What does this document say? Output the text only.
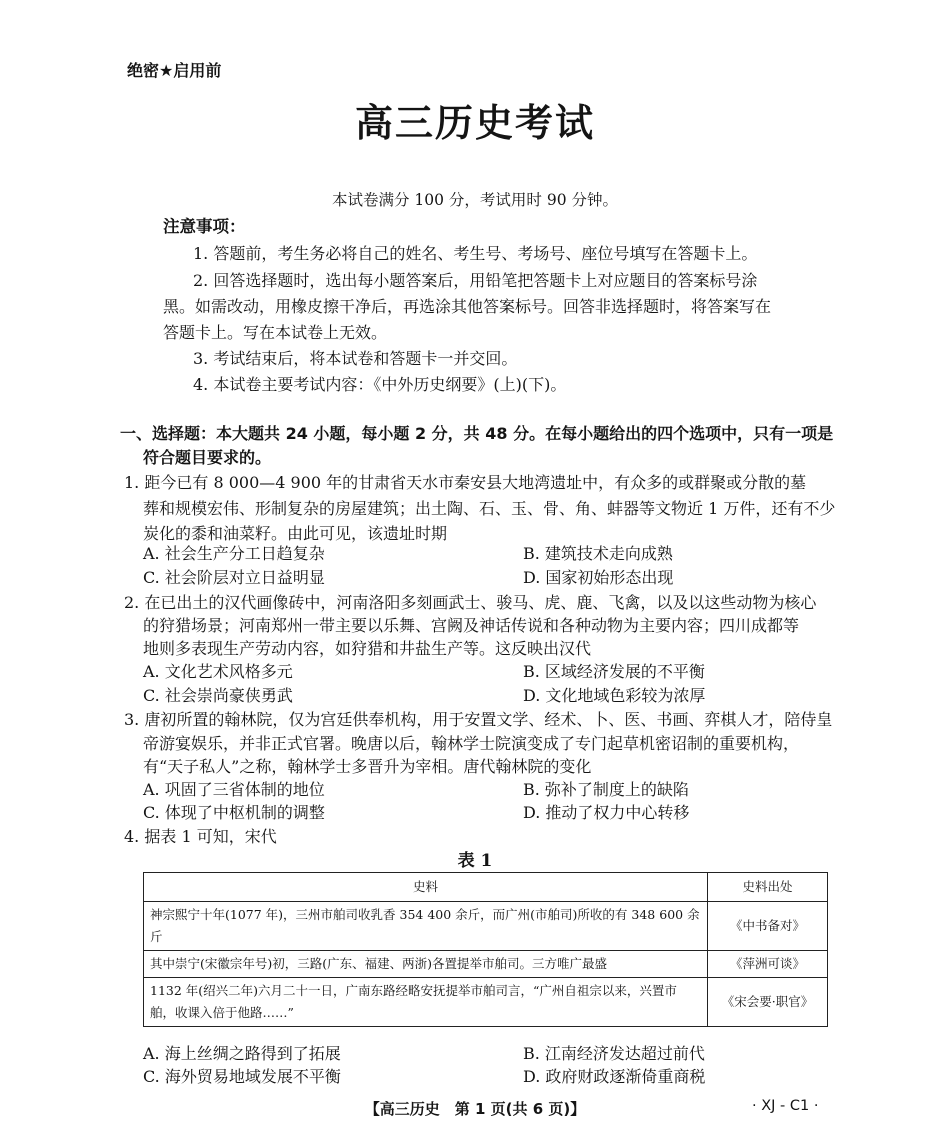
绝密★启用前
高三历史考试
本试卷满分 100 分，考试用时 90 分钟。
注意事项：
1. 答题前，考生务必将自己的姓名、考生号、考场号、座位号填写在答题卡上。
2. 回答选择题时，选出每小题答案后，用铅笔把答题卡上对应题目的答案标号涂
黑。如需改动，用橡皮擦干净后，再选涂其他答案标号。回答非选择题时，将答案写在
答题卡上。写在本试卷上无效。
3. 考试结束后，将本试卷和答题卡一并交回。
4. 本试卷主要考试内容：《中外历史纲要》(上)(下)。
一、选择题：本大题共 24 小题，每小题 2 分，共 48 分。在每小题给出的四个选项中，只有一项是
符合题目要求的。
1. 距今已有 8 000—4 900 年的甘肃省天水市秦安县大地湾遗址中，有众多的或群聚或分散的墓
葬和规模宏伟、形制复杂的房屋建筑；出土陶、石、玉、骨、角、蚌器等文物近 1 万件，还有不少
炭化的黍和油菜籽。由此可见，该遗址时期
A. 社会生产分工日趋复杂	B. 建筑技术走向成熟
C. 社会阶层对立日益明显	D. 国家初始形态出现
2. 在已出土的汉代画像砖中，河南洛阳多刻画武士、骏马、虎、鹿、飞禽，以及以这些动物为核心
的狩猎场景；河南郑州一带主要以乐舞、宫阙及神话传说和各种动物为主要内容；四川成都等
地则多表现生产劳动内容，如狩猎和井盐生产等。这反映出汉代
A. 文化艺术风格多元	B. 区域经济发展的不平衡
C. 社会崇尚豪侠勇武	D. 文化地域色彩较为浓厚
3. 唐初所置的翰林院，仅为宫廷供奉机构，用于安置文学、经术、卜、医、书画、弈棋人才，陪侍皇
帝游宴娱乐，并非正式官署。晚唐以后，翰林学士院演变成了专门起草机密诏制的重要机构，
有“天子私人”之称，翰林学士多晋升为宰相。唐代翰林院的变化
A. 巩固了三省体制的地位	B. 弥补了制度上的缺陷
C. 体现了中枢机制的调整	D. 推动了权力中心转移
4. 据表 1 可知，宋代
表 1
史料	史料出处
神宗熙宁十年(1077 年)，三州市舶司收乳香 354 400 余斤，而广州(市舶司)所收的有 348 600 余斤	《中书备对》
其中崇宁(宋徽宗年号)初，三路(广东、福建、两浙)各置提举市舶司。三方唯广最盛	《萍洲可谈》
1132 年(绍兴二年)六月二十一日，广南东路经略安抚提举市舶司言，“广州自祖宗以来，兴置市舶，收课入倍于他路……”	《宋会要·职官》
A. 海上丝绸之路得到了拓展	B. 江南经济发达超过前代
C. 海外贸易地域发展不平衡	D. 政府财政逐渐倚重商税
【高三历史　第 1 页(共 6 页)】	· XJ - C1 ·
